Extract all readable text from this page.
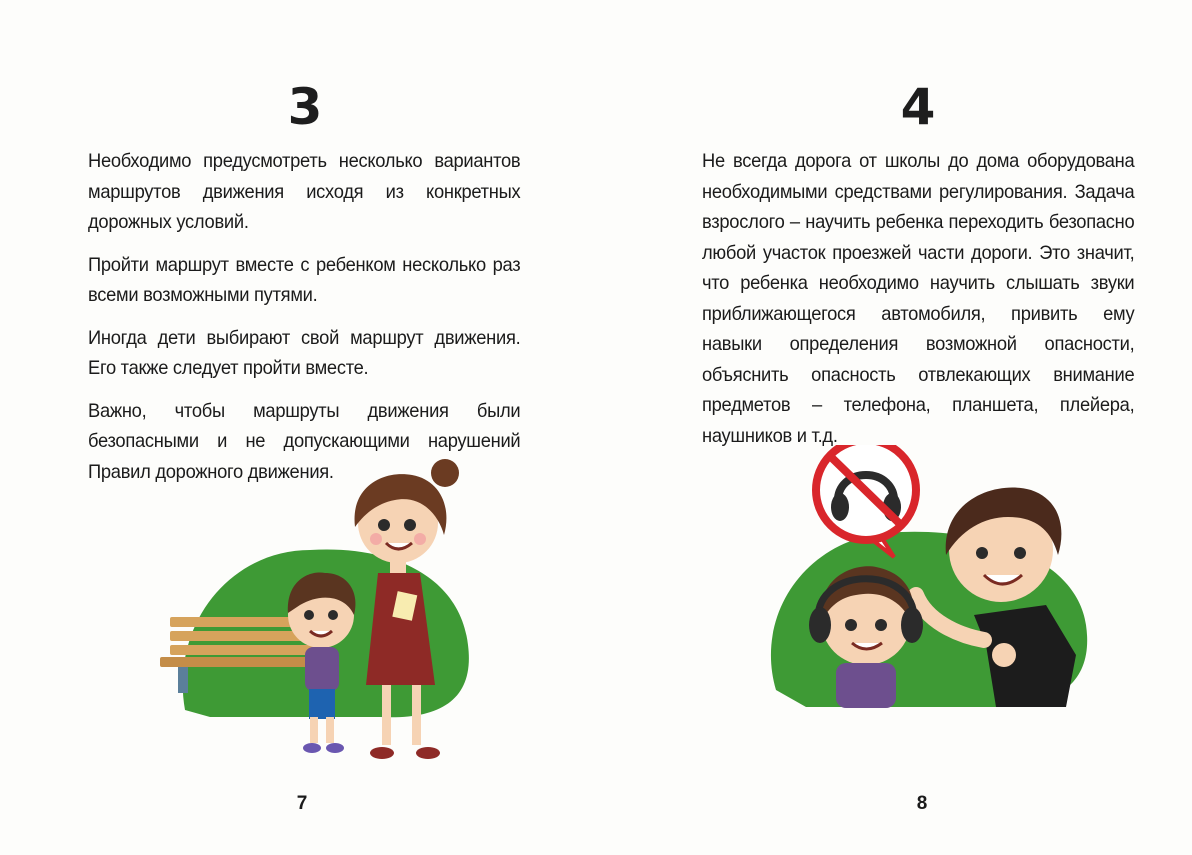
3

Необходимо предусмотреть несколько вариантов маршрутов движения исходя из конкретных дорожных условий.

Пройти маршрут вместе с ребенком несколько раз всеми возможными путями.

Иногда дети выбирают свой маршрут движения. Его также следует пройти вместе.

Важно, чтобы маршруты движения были безопасными и не допускающими нарушений Правил дорожного движения.

7
4

Не всегда дорога от школы до дома оборудована необходимыми средствами регулирования. Задача взрослого – научить ребенка переходить безопасно любой участок проезжей части дороги. Это значит, что ребенка необходимо научить слышать звуки приближающегося автомобиля, привить ему навыки определения возможной опасности, объяснить опасность отвлекающих внимание предметов – телефона, планшета, плейера, наушников и т.д.

8
